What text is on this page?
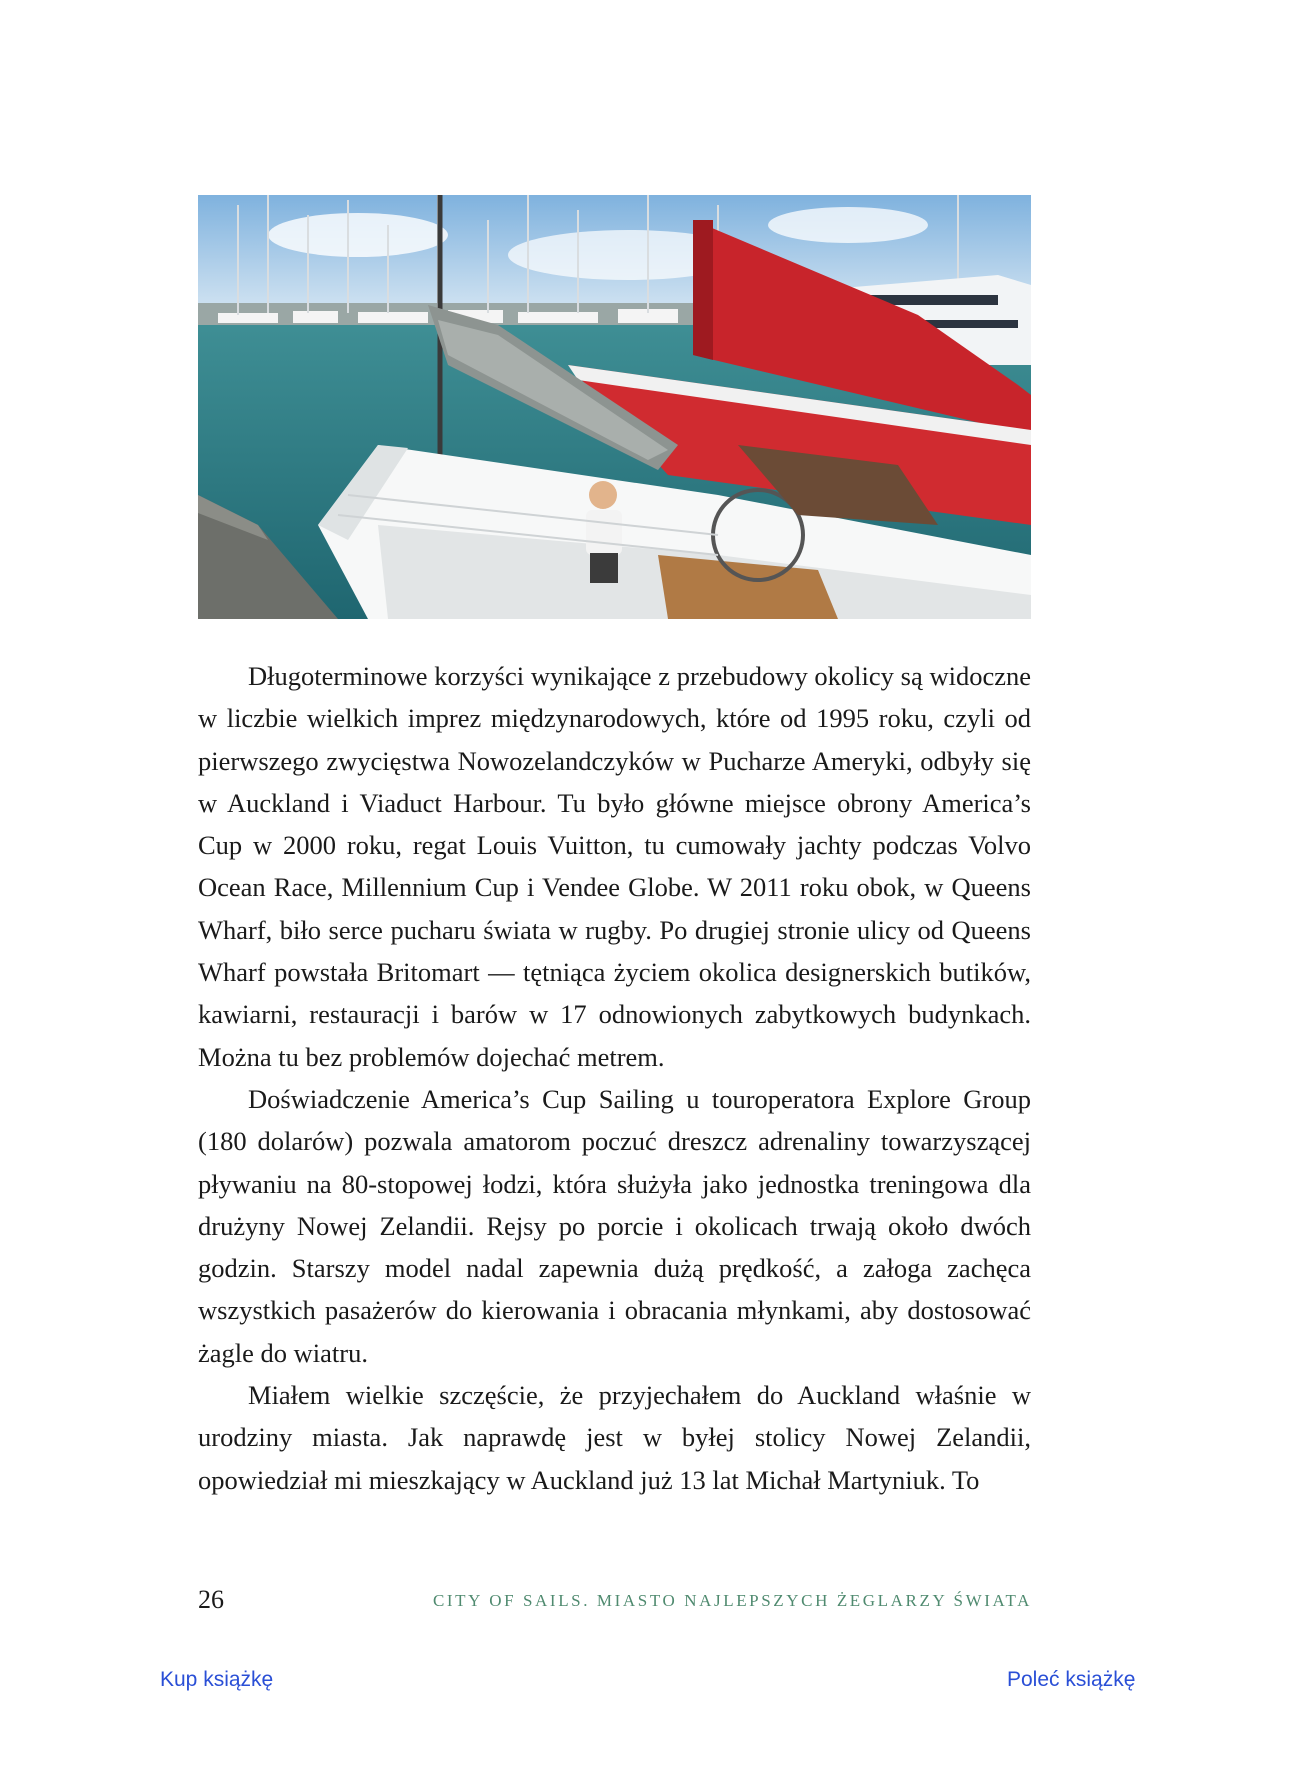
Długoterminowe korzyści wynikające z przebudowy okolicy są widoczne w liczbie wielkich imprez międzynarodowych, które od 1995 roku, czyli od pierwszego zwycięstwa Nowozelandczyków w Pucharze Ameryki, odbyły się w Auckland i Viaduct Harbour. Tu było główne miejsce obrony America’s Cup w 2000 roku, regat Louis Vuitton, tu cumowały jachty podczas Volvo Ocean Race, Millennium Cup i Vendee Globe. W 2011 roku obok, w Queens Wharf, biło serce pucharu świata w rugby. Po drugiej stronie ulicy od Queens Wharf powstała Britomart — tętniąca życiem okolica designerskich butików, kawiarni, restauracji i barów w 17 odnowionych zabytkowych budynkach. Można tu bez problemów dojechać metrem.

Doświadczenie America’s Cup Sailing u touroperatora Explore Group (180 dolarów) pozwala amatorom poczuć dreszcz adrenaliny towarzyszącej pływaniu na 80-stopowej łodzi, która służyła jako jednostka treningowa dla drużyny Nowej Zelandii. Rejsy po porcie i okolicach trwają około dwóch godzin. Starszy model nadal zapewnia dużą prędkość, a załoga zachęca wszystkich pasażerów do kierowania i obracania młynkami, aby dostosować żagle do wiatru.

Miałem wielkie szczęście, że przyjechałem do Auckland właśnie w urodziny miasta. Jak naprawdę jest w byłej stolicy Nowej Zelandii, opowiedział mi mieszkający w Auckland już 13 lat Michał Martyniuk. To

26	CITY OF SAILS. MIASTO NAJLEPSZYCH ŻEGLARZY ŚWIATA
Kup książkę	Poleć książkę
